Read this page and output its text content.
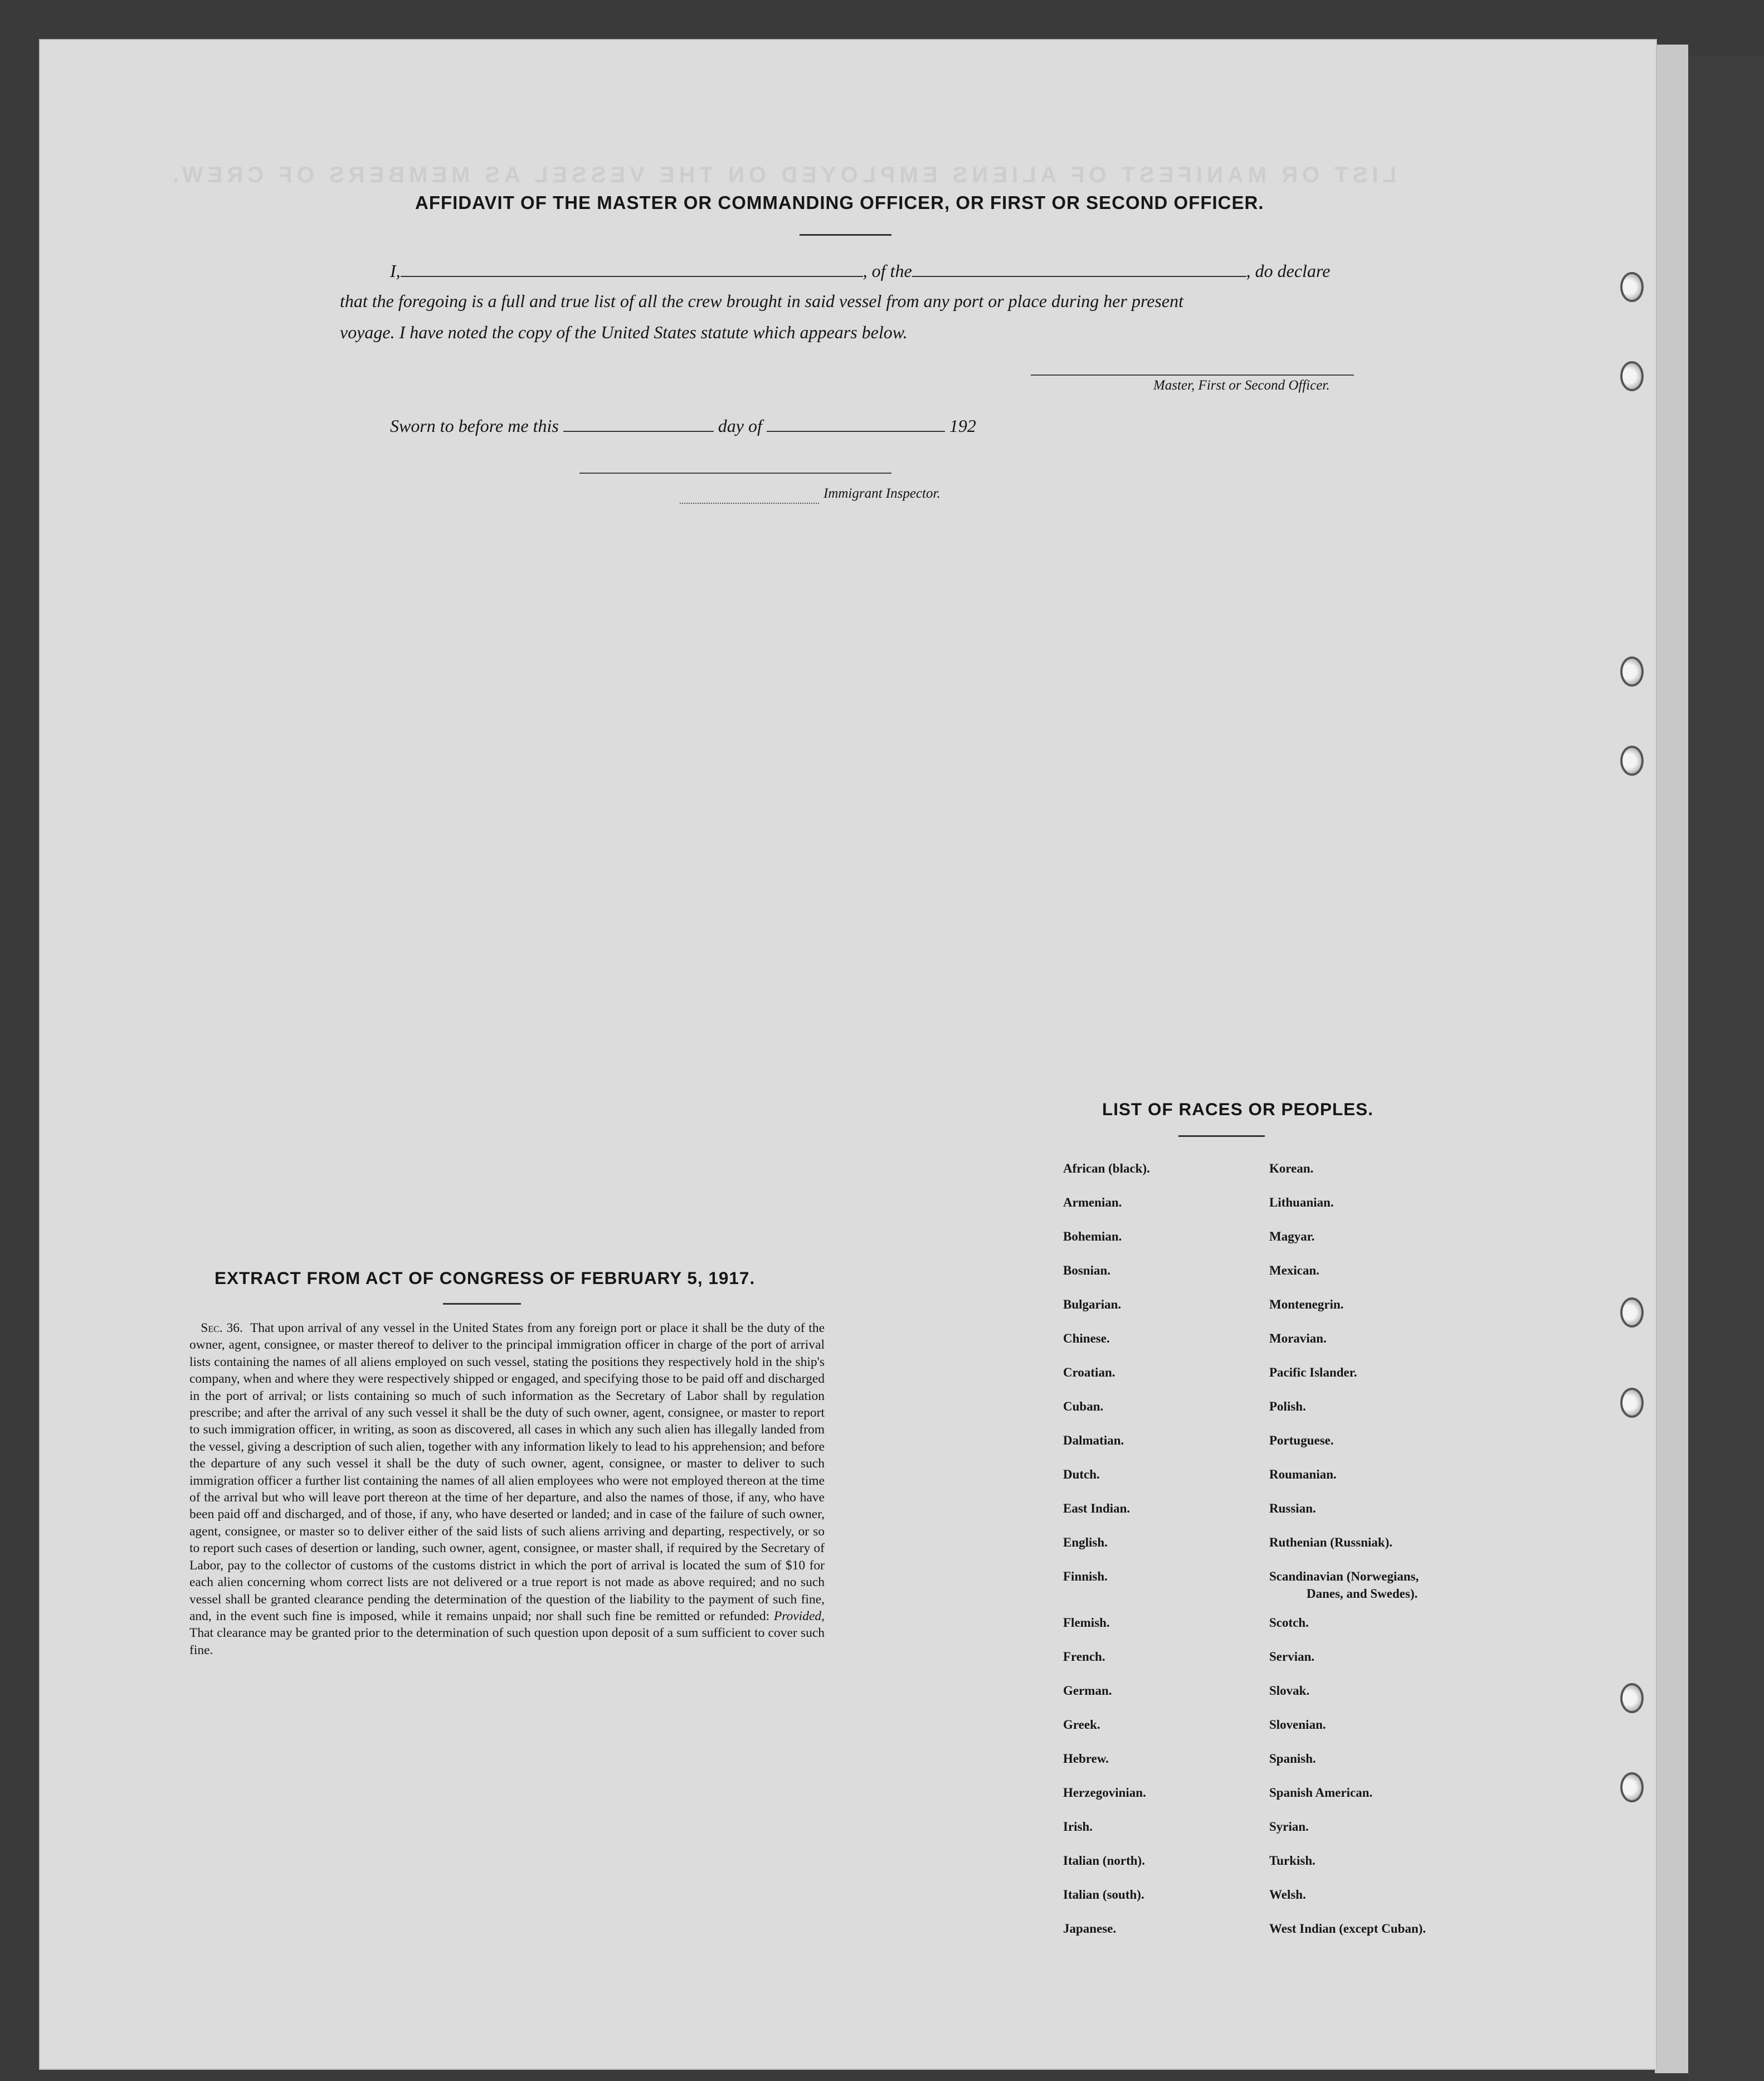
LIST OR MANIFEST OF ALIENS EMPLOYED ON THE VESSEL AS MEMBERS OF CREW.
AFFIDAVIT OF THE MASTER OR COMMANDING OFFICER, OR FIRST OR SECOND OFFICER.
I,	, of the	, do declare
that the foregoing is a full and true list of all the crew brought in said vessel from any port or place during her present
voyage. I have noted the copy of the United States statute which appears below.
Master, First or Second Officer.
Sworn to before me this	day of	192
Immigrant Inspector.
EXTRACT FROM ACT OF CONGRESS OF FEBRUARY 5, 1917.
Sec. 36. That upon arrival of any vessel in the United States from any foreign port or place it shall be the duty of the owner, agent, consignee, or master thereof to deliver to the principal immigration officer in charge of the port of arrival lists containing the names of all aliens employed on such vessel, stating the positions they respectively hold in the ship's company, when and where they were respectively shipped or engaged, and specifying those to be paid off and discharged in the port of arrival; or lists containing so much of such information as the Secretary of Labor shall by regulation prescribe; and after the arrival of any such vessel it shall be the duty of such owner, agent, consignee, or master to report to such immigration officer, in writing, as soon as discovered, all cases in which any such alien has illegally landed from the vessel, giving a description of such alien, together with any information likely to lead to his apprehension; and before the departure of any such vessel it shall be the duty of such owner, agent, consignee, or master to deliver to such immigration officer a further list containing the names of all alien employees who were not employed thereon at the time of the arrival but who will leave port thereon at the time of her departure, and also the names of those, if any, who have been paid off and discharged, and of those, if any, who have deserted or landed; and in case of the failure of such owner, agent, consignee, or master so to deliver either of the said lists of such aliens arriving and departing, respectively, or so to report such cases of desertion or landing, such owner, agent, consignee, or master shall, if required by the Secretary of Labor, pay to the collector of customs of the customs district in which the port of arrival is located the sum of $10 for each alien concerning whom correct lists are not delivered or a true report is not made as above required; and no such vessel shall be granted clearance pending the determination of the question of the liability to the payment of such fine, and, in the event such fine is imposed, while it remains unpaid; nor shall such fine be remitted or refunded: Provided, That clearance may be granted prior to the determination of such question upon deposit of a sum sufficient to cover such fine.
LIST OF RACES OR PEOPLES.
African (black).
Armenian.
Bohemian.
Bosnian.
Bulgarian.
Chinese.
Croatian.
Cuban.
Dalmatian.
Dutch.
East Indian.
English.
Finnish.
Flemish.
French.
German.
Greek.
Hebrew.
Herzegovinian.
Irish.
Italian (north).
Italian (south).
Japanese.
Korean.
Lithuanian.
Magyar.
Mexican.
Montenegrin.
Moravian.
Pacific Islander.
Polish.
Portuguese.
Roumanian.
Russian.
Ruthenian (Russniak).
Scandinavian (Norwegians,
Scotch.
Servian.
Slovak.
Slovenian.
Spanish.
Spanish American.
Syrian.
Turkish.
Welsh.
West Indian (except Cuban).
Danes, and Swedes).
